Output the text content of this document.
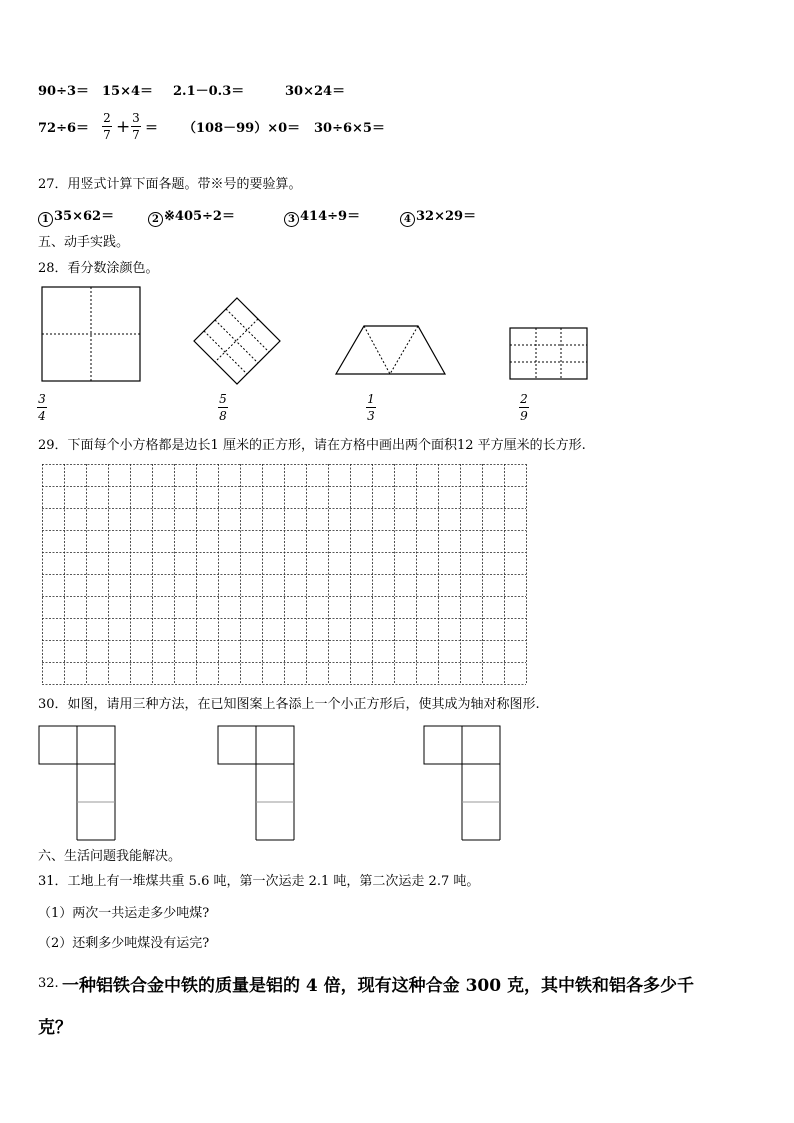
90÷3＝ 15×4＝ 2.1－0.3＝	30×24＝
72÷6＝
2
7 + 3
7 ＝ （108－99）×0＝ 30÷6×5＝
27．用竖式计算下面各题。带※号的要验算。
1 35×62＝	2 ※405÷2＝	3 414÷9＝	4 32×29＝
五、动手实践。
28．看分数涂颜色。
3
4
5
8
1
3
2
9
29．下面每个小方格都是边长1 厘米的正方形，请在方格中画出两个面积12 平方厘米的长方形.
30．如图，请用三种方法，在已知图案上各添上一个小正方形后，使其成为轴对称图形.
六、生活问题我能解决。
31．工地上有一堆煤共重 5.6 吨，第一次运走 2.1 吨，第二次运走 2.7 吨。
（1）两次一共运走多少吨煤?
（2）还剩多少吨煤没有运完?
32. 一种铝铁合金中铁的质量是铝的 4 倍，现有这种合金 300 克，其中铁和铝各多少千
克？
